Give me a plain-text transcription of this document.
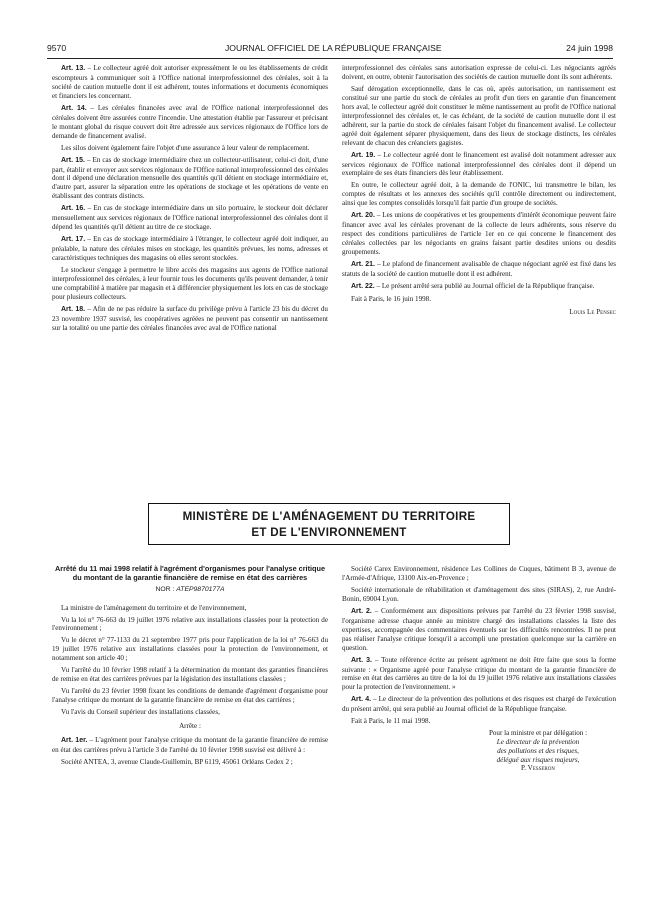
9570	JOURNAL OFFICIEL DE LA RÉPUBLIQUE FRANÇAISE	24 juin 1998

Art. 13. – Le collecteur agréé doit autoriser expressément le ou les établissements de crédit escompteurs à communiquer soit à l'Office national interprofessionnel des céréales, soit à la société de caution mutuelle dont il est adhérent, toutes informations et documents économiques et financiers les concernant.

Art. 14. – Les céréales financées avec aval de l'Office national interprofessionnel des céréales doivent être assurées contre l'incendie. Une attestation établie par l'assureur et précisant le montant global du risque couvert doit être adressée aux services régionaux de l'Office lors de demande de financement avalisé.

Les silos doivent également faire l'objet d'une assurance à leur valeur de remplacement.

Art. 15. – En cas de stockage intermédiaire chez un collecteur-utilisateur, celui-ci doit, d'une part, établir et envoyer aux services régionaux de l'Office national interprofessionnel des céréales dont il dépend une déclaration mensuelle des quantités qu'il détient en stockage intermédiaire et, d'autre part, assurer la séparation entre les opérations de stockage et les opérations de vente en établissant des contrats distincts.

Art. 16. – En cas de stockage intermédiaire dans un silo portuaire, le stockeur doit déclarer mensuellement aux services régionaux de l'Office national interprofessionnel des céréales dont il dépend les quantités qu'il détient au titre de ce stockage.

Art. 17. – En cas de stockage intermédiaire à l'étranger, le collecteur agréé doit indiquer, au préalable, la nature des céréales mises en stockage, les quantités prévues, les noms, adresses et caractéristiques techniques des magasins où elles seront stockées.

Le stockeur s'engage à permettre le libre accès des magasins aux agents de l'Office national interprofessionnel des céréales, à leur fournir tous les documents qu'ils peuvent demander, à tenir une comptabilité à matière par magasin et à différencier physiquement les lots en cas de stockage pour plusieurs collecteurs.

Art. 18. – Afin de ne pas réduire la surface du privilège prévu à l'article 23 bis du décret du 23 novembre 1937 susvisé, les coopératives agréées ne peuvent pas consentir un nantissement sur la totalité ou une partie des céréales financées avec aval de l'Office national

interprofessionnel des céréales sans autorisation expresse de celui-ci. Les négociants agréés doivent, en outre, obtenir l'autorisation des sociétés de caution mutuelle dont ils sont adhérents.

Sauf dérogation exceptionnelle, dans le cas où, après autorisation, un nantissement est constitué sur une partie du stock de céréales au profit d'un tiers en garantie d'un financement hors aval, le collecteur agréé doit constituer le même nantissement au profit de l'Office national interprofessionnel des céréales et, le cas échéant, de la société de caution mutuelle dont il est adhérent, sur la partie du stock de céréales faisant l'objet du financement avalisé. Le collecteur agréé doit également séparer physiquement, dans des lieux de stockage distincts, les céréales relevant de chacun des créanciers gagistes.

Art. 19. – Le collecteur agréé dont le financement est avalisé doit notamment adresser aux services régionaux de l'Office national interprofessionnel des céréales dont il dépend un exemplaire de ses états financiers dès leur établissement.

En outre, le collecteur agréé doit, à la demande de l'ONIC, lui transmettre le bilan, les comptes de résultats et les annexes des sociétés qu'il contrôle directement ou indirectement, ainsi que les comptes consolidés lorsqu'il fait partie d'un groupe de sociétés.

Art. 20. – Les unions de coopératives et les groupements d'intérêt économique peuvent faire financer avec aval les céréales provenant de la collecte de leurs adhérents, sous réserve du respect des conditions particulières de l'article 1er en ce qui concerne le financement des céréales collectées par les négociants en grains faisant partie desdites unions ou desdits groupements.

Art. 21. – Le plafond de financement avalisable de chaque négociant agréé est fixé dans les statuts de la société de caution mutuelle dont il est adhérent.

Art. 22. – Le présent arrêté sera publié au Journal officiel de la République française.

Fait à Paris, le 16 juin 1998.

Louis Le Pensec

MINISTÈRE DE L'AMÉNAGEMENT DU TERRITOIRE
ET DE L'ENVIRONNEMENT
Arrêté du 11 mai 1998 relatif à l'agrément d'organismes pour l'analyse critique du montant de la garantie financière de remise en état des carrières
NOR : ATEP9870177A

La ministre de l'aménagement du territoire et de l'environnement,

Vu la loi n° 76-663 du 19 juillet 1976 relative aux installations classées pour la protection de l'environnement ;

Vu le décret n° 77-1133 du 21 septembre 1977 pris pour l'application de la loi n° 76-663 du 19 juillet 1976 relative aux installations classées pour la protection de l'environnement, et notamment son article 40 ;

Vu l'arrêté du 10 février 1998 relatif à la détermination du montant des garanties financières de remise en état des carrières prévues par la législation des installations classées ;

Vu l'arrêté du 23 février 1998 fixant les conditions de demande d'agrément d'organisme pour l'analyse critique du montant de la garantie financière de remise en état des carrières ;

Vu l'avis du Conseil supérieur des installations classées,

Arrête :

Art. 1er. – L'agrément pour l'analyse critique du montant de la garantie financière de remise en état des carrières prévu à l'article 3 de l'arrêté du 10 février 1998 susvisé est délivré à :

Société ANTEA, 3, avenue Claude-Guillemin, BP 6119, 45061 Orléans Cedex 2 ;

Société Carex Environnement, résidence Les Collines de Cuques, bâtiment B 3, avenue de l'Armée-d'Afrique, 13100 Aix-en-Provence ;

Société internationale de réhabilitation et d'aménagement des sites (SIRAS), 2, rue André-Bonin, 69004 Lyon.

Art. 2. – Conformément aux dispositions prévues par l'arrêté du 23 février 1998 susvisé, l'organisme adresse chaque année au ministre chargé des installations classées la liste des expertises, accompagnée des commentaires éventuels sur les difficultés rencontrées. Il ne peut pas réaliser l'analyse critique lorsqu'il a accompli une prestation quelconque sur la carrière en question.

Art. 3. – Toute référence écrite au présent agrément ne doit être faite que sous la forme suivante : « Organisme agréé pour l'analyse critique du montant de la garantie financière de remise en état des carrières au titre de la loi du 19 juillet 1976 relative aux installations classées pour la protection de l'environnement. »

Art. 4. – Le directeur de la prévention des pollutions et des risques est chargé de l'exécution du présent arrêté, qui sera publié au Journal officiel de la République française.

Fait à Paris, le 11 mai 1998.

Pour la ministre et par délégation :
Le directeur de la prévention
des pollutions et des risques,
délégué aux risques majeurs,
P. Vesseron
